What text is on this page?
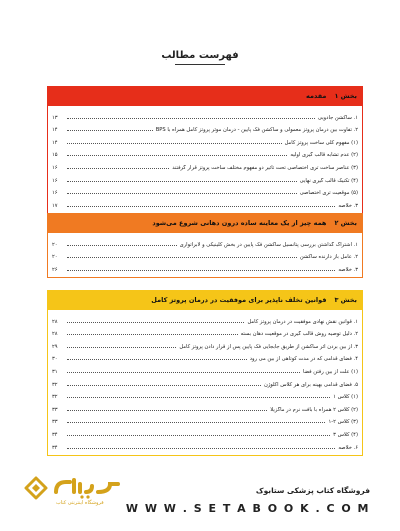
فهرست مطالب
بخش ۱
مقدمه
۱. ساکشن جادویی
۱۳
۲. تفاوت بین درمان پروتز معمولی و ساکشن فک پایین - درمان موثر پروتز کامل همراه با BPS
۱۴
(۱) مفهوم کلی ساخت پروتز کامل
۱۴
(۲) عدم تشابه قالب گیری اولیه
۱۵
(۳) عناصر ساخت تری اختصاصی تحت تأثیر دو مفهوم مختلف ساخت پروتز قرار گرفتند
۱۶
(۴) تکنیک قالب گیری نهایی
۱۶
(۵) موقعیت تری اختصاصی
۱۶
۳. خلاصه
۱۷
بخش ۲
همه چیز از یک معاینه ساده درون دهانی شروع می‌شود
۱. اشتراک گذاشتن بررسی پتانسیل ساکشن فک پایین در بخش کلینیکی و لابراتواری
۲۰
۲. عامل باز دارنده ساکشن
۲۰
۳. خلاصه
۲۶
بخش ۳
قوانین تخلف ناپذیر برای موفقیت در درمان پروتز کامل
۱. قوانین نقش نهادی موفقیت در درمان پروتز کامل
۲۸
۲. دلیل توصیه روش قالب گیری در موقعیت دهان بسته
۲۸
۳. از بین بردن اثر ساکشن از طریق جابجایی فک پایین پس از قرار دادن پروتز کامل
۲۹
۴. فضای قدامی که در مدت کوتاهی از بین می رود
۳۰
(۱) علت از بین رفتن فضا
۳۱
۵. فضای قدامی بهینه برای هر کلاس اکلوژن
۳۲
(۱) کلاس ۱
۳۲
(۲) کلاس ۲ همراه با بافت نرم در ماگزیلا
۳۳
(۳) کلاس ۲-۱
۳۳
(۴) کلاس ۳
۳۴
۶. خلاصه
۳۴
فروشگاه اینترنتی کتاب
فروشگاه کتاب پزشکی ستابوک
W W W . S E T A B O O K . C O M
